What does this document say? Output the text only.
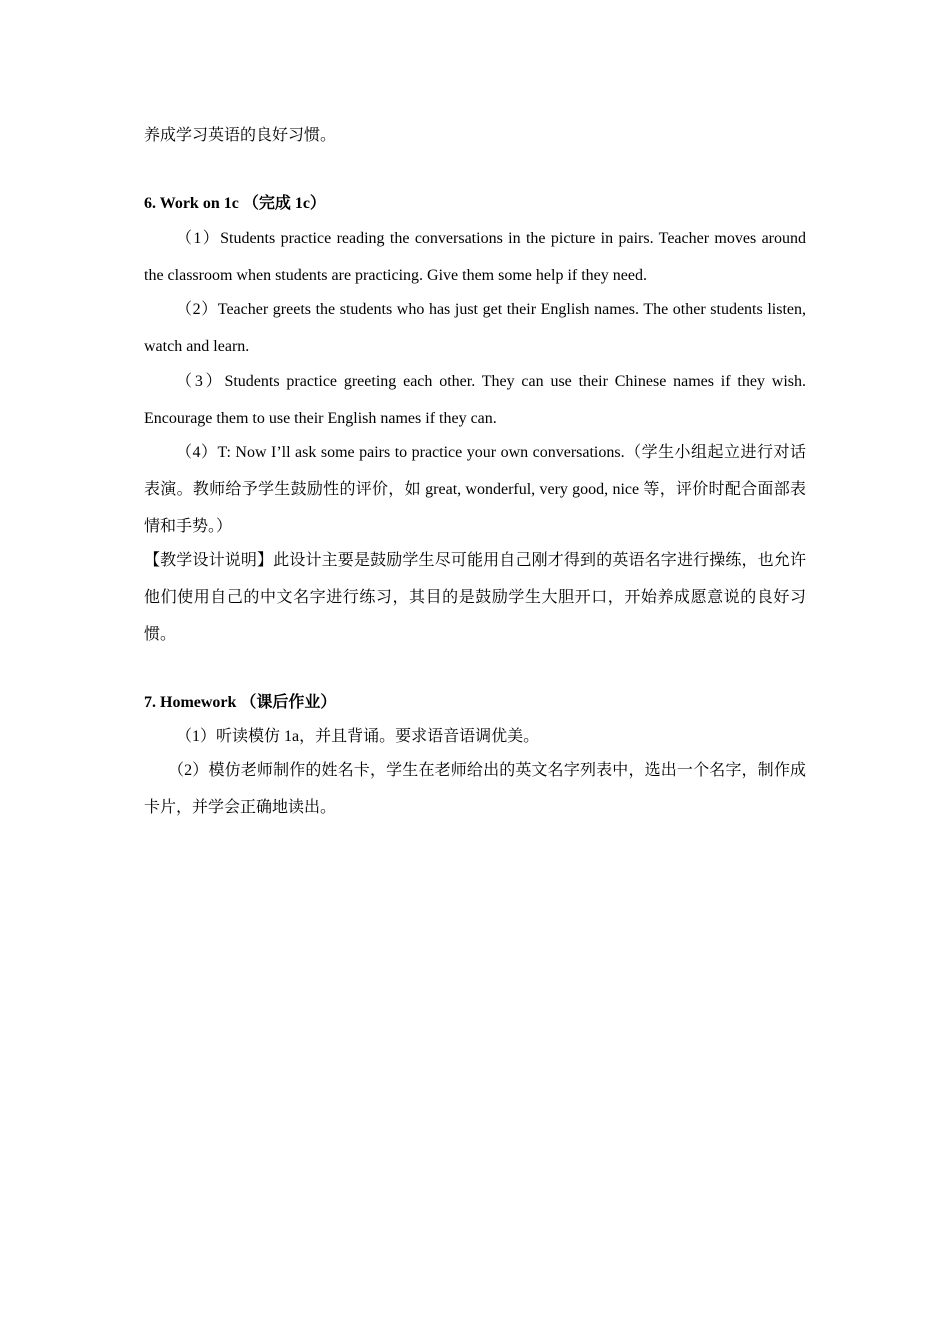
养成学习英语的良好习惯。
6. Work on 1c （完成 1c）
（1）Students practice reading the conversations in the picture in pairs. Teacher moves around the classroom when students are practicing. Give them some help if they need.
（2）Teacher greets the students who has just get their English names. The other students listen, watch and learn.
（3）Students practice greeting each other. They can use their Chinese names if they wish. Encourage them to use their English names if they can.
（4）T: Now I’ll ask some pairs to practice your own conversations.（学生小组起立进行对话表演。教师给予学生鼓励性的评价，如 great, wonderful, very good, nice 等，评价时配合面部表情和手势。）
【教学设计说明】此设计主要是鼓励学生尽可能用自己刚才得到的英语名字进行操练，也允许他们使用自己的中文名字进行练习，其目的是鼓励学生大胆开口，开始养成愿意说的良好习惯。
7. Homework （课后作业）
（1）听读模仿 1a，并且背诵。要求语音语调优美。
（2）模仿老师制作的姓名卡，学生在老师给出的英文名字列表中，选出一个名字，制作成卡片，并学会正确地读出。
